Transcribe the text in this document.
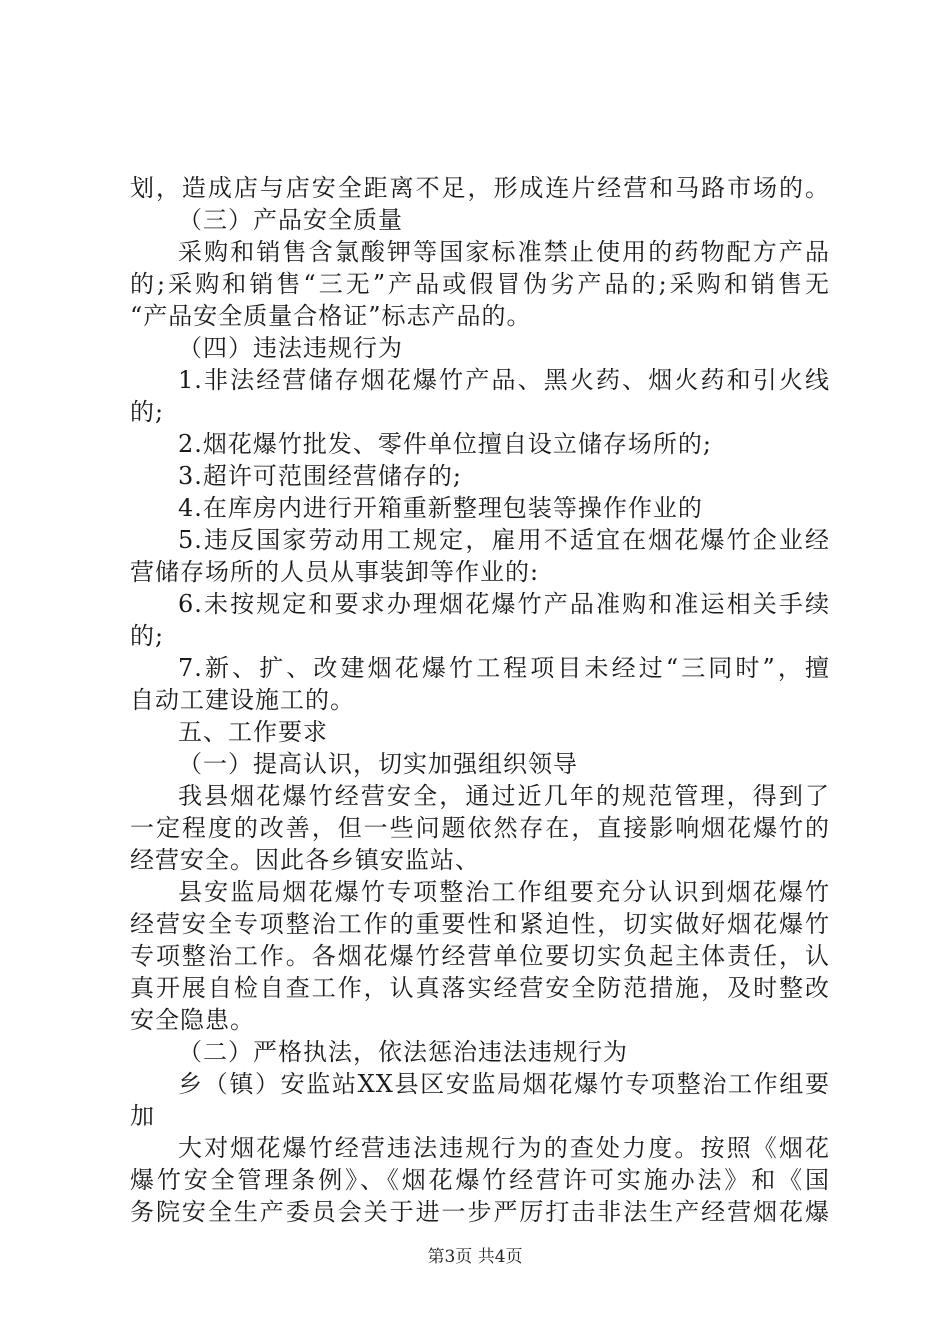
划，造成店与店安全距离不足，形成连片经营和马路市场的。
（三）产品安全质量
采购和销售含氯酸钾等国家标准禁止使用的药物配方产品
的;采购和销售“三无”产品或假冒伪劣产品的;采购和销售无
“产品安全质量合格证”标志产品的。
（四）违法违规行为
1.非法经营储存烟花爆竹产品、黑火药、烟火药和引火线
的;
2.烟花爆竹批发、零件单位擅自设立储存场所的;
3.超许可范围经营储存的;
4.在库房内进行开箱重新整理包装等操作作业的
5.违反国家劳动用工规定，雇用不适宜在烟花爆竹企业经
营储存场所的人员从事装卸等作业的:
6.未按规定和要求办理烟花爆竹产品准购和准运相关手续
的;
7.新、扩、改建烟花爆竹工程项目未经过“三同时”，擅
自动工建设施工的。
五、工作要求
（一）提高认识，切实加强组织领导
我县烟花爆竹经营安全，通过近几年的规范管理，得到了
一定程度的改善，但一些问题依然存在，直接影响烟花爆竹的
经营安全。因此各乡镇安监站、
县安监局烟花爆竹专项整治工作组要充分认识到烟花爆竹
经营安全专项整治工作的重要性和紧迫性，切实做好烟花爆竹
专项整治工作。各烟花爆竹经营单位要切实负起主体责任，认
真开展自检自查工作，认真落实经营安全防范措施，及时整改
安全隐患。
（二）严格执法，依法惩治违法违规行为
乡（镇）安监站XX县区安监局烟花爆竹专项整治工作组要
加
大对烟花爆竹经营违法违规行为的查处力度。按照《烟花
爆竹安全管理条例》、《烟花爆竹经营许可实施办法》和《国
务院安全生产委员会关于进一步严厉打击非法生产经营烟花爆
第3页 共4页
